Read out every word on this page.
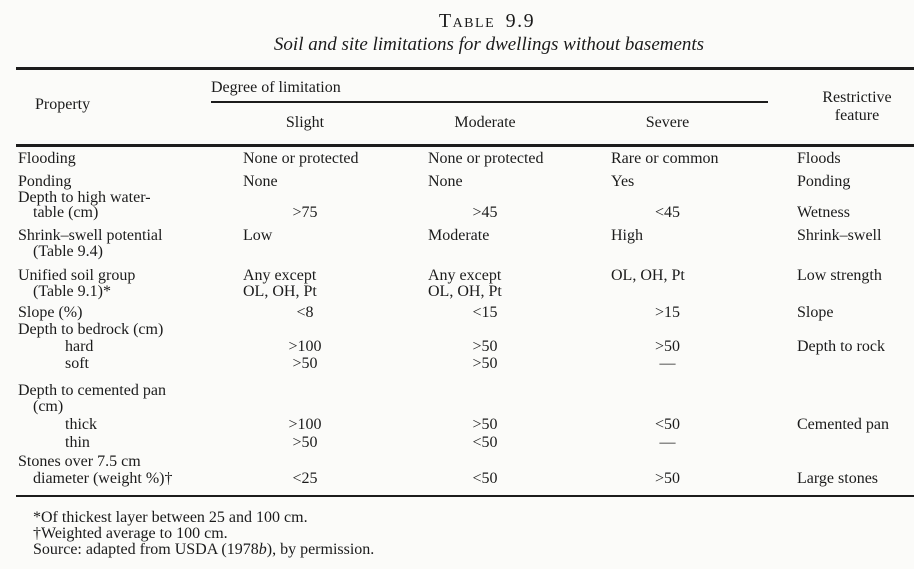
Table 9.9
Soil and site limitations for dwellings without basements
Property
Degree of limitation
Slight	Moderate	Severe
Restrictive
feature
Flooding	None or protected	None or protected	Rare or common	Floods
Ponding	None	None	Yes	Ponding
Depth to high water-
table (cm)	>75	>45	<45	Wetness
Shrink–swell potential	Low	Moderate	High	Shrink–swell
(Table 9.4)
Unified soil group	Any except	Any except	OL, OH, Pt	Low strength
(Table 9.1)*	OL, OH, Pt	OL, OH, Pt
Slope (%)	<8	<15	>15	Slope
Depth to bedrock (cm)
hard	>100	>50	>50	Depth to rock
soft	>50	>50	—
Depth to cemented pan
(cm)
thick	>100	>50	<50	Cemented pan
thin	>50	<50	—
Stones over 7.5 cm
diameter (weight %)†	<25	<50	>50	Large stones
*Of thickest layer between 25 and 100 cm.
†Weighted average to 100 cm.
Source: adapted from USDA (1978b), by permission.
